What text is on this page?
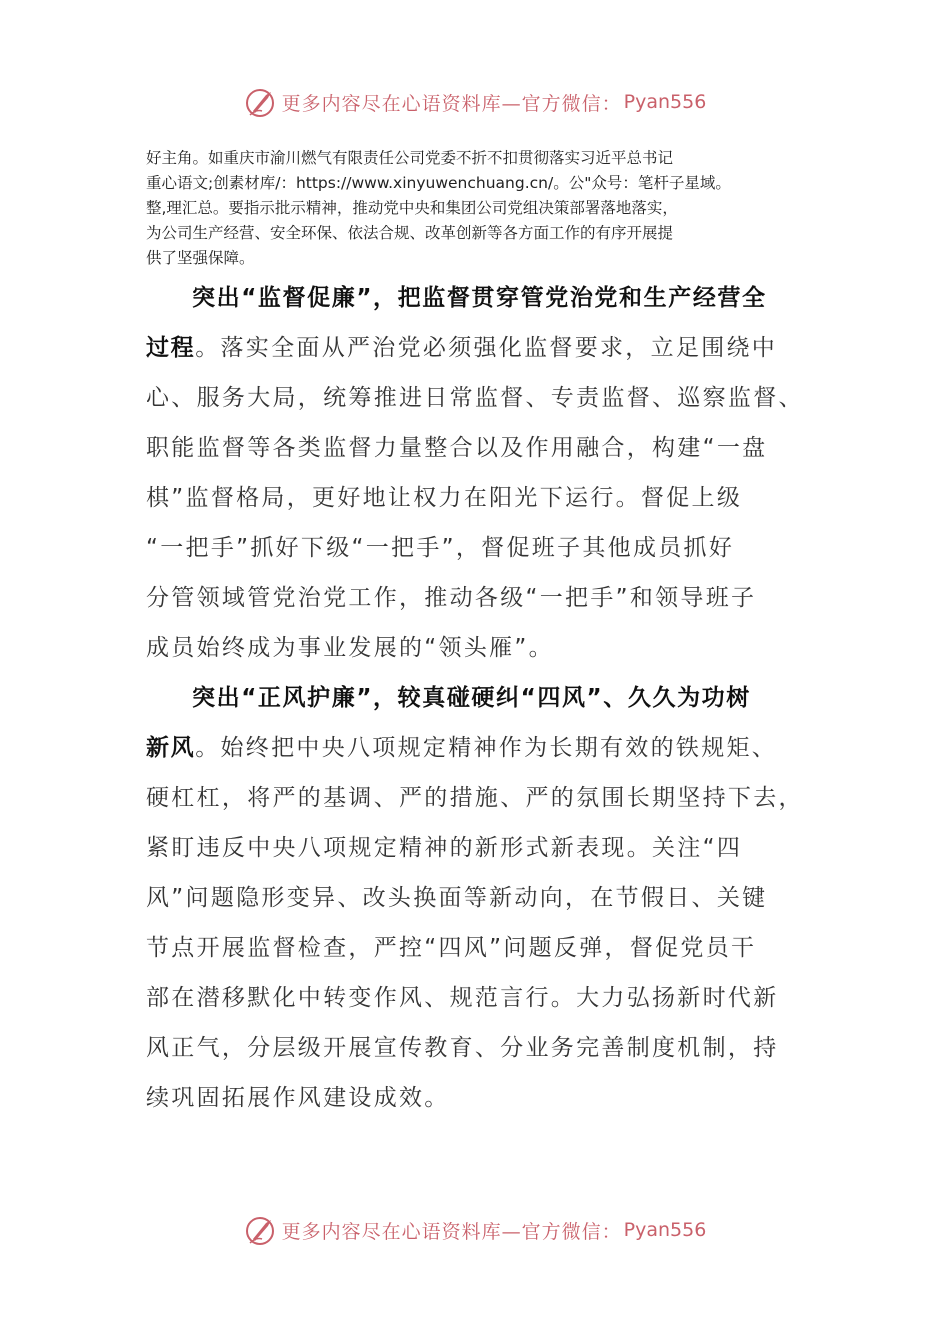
更多内容尽在心语资料库—官方微信： Pyan556
好主角。如重庆市渝川燃气有限责任公司党委不折不扣贯彻落实习近平总书记
重心语文;创素材库/：https://www.xinyuwenchuang.cn/。公"众号：笔杆子星域。
整,理汇总。要指示批示精神，推动党中央和集团公司党组决策部署落地落实，
为公司生产经营、安全环保、依法合规、改革创新等各方面工作的有序开展提
供了坚强保障。
突出“监督促廉”，把监督贯穿管党治党和生产经营全
过程。落实全面从严治党必须强化监督要求，立足围绕中
心、服务大局，统筹推进日常监督、专责监督、巡察监督、
职能监督等各类监督力量整合以及作用融合，构建“一盘
棋”监督格局，更好地让权力在阳光下运行。督促上级
“一把手”抓好下级“一把手”，督促班子其他成员抓好
分管领域管党治党工作，推动各级“一把手”和领导班子
成员始终成为事业发展的“领头雁”。
突出“正风护廉”，较真碰硬纠“四风”、久久为功树
新风。始终把中央八项规定精神作为长期有效的铁规矩、
硬杠杠，将严的基调、严的措施、严的氛围长期坚持下去，
紧盯违反中央八项规定精神的新形式新表现。关注“四
风”问题隐形变异、改头换面等新动向，在节假日、关键
节点开展监督检查，严控“四风”问题反弹，督促党员干
部在潜移默化中转变作风、规范言行。大力弘扬新时代新
风正气，分层级开展宣传教育、分业务完善制度机制，持
续巩固拓展作风建设成效。
更多内容尽在心语资料库—官方微信： Pyan556
